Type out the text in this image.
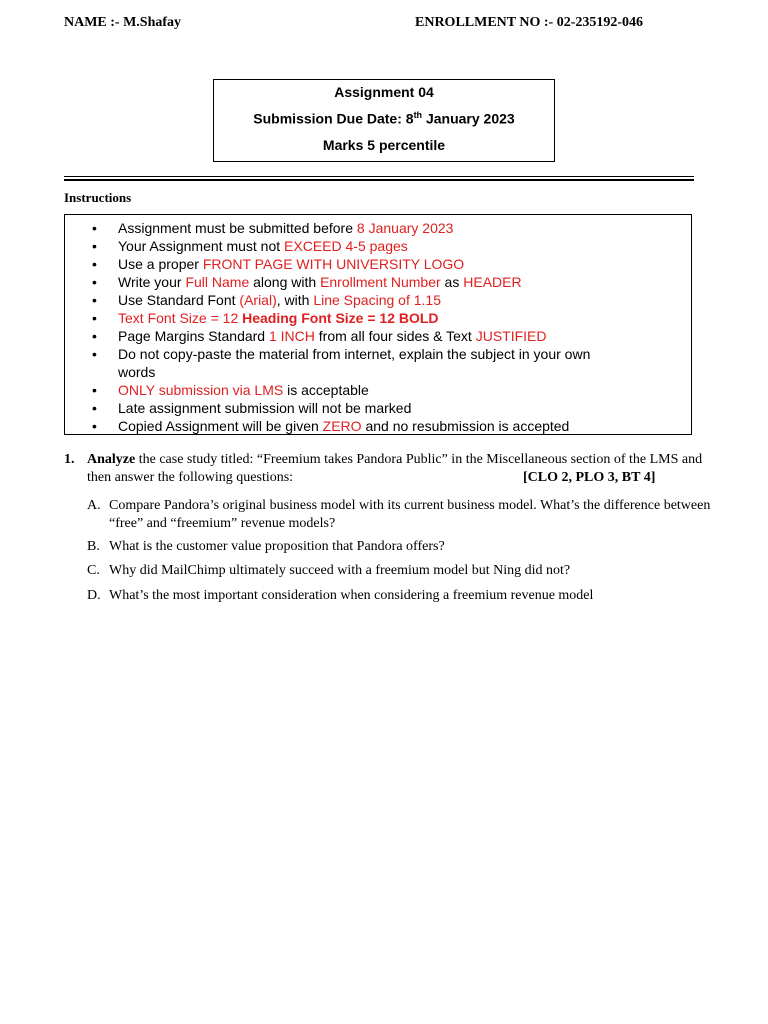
NAME :- M.Shafay	ENROLLMENT NO :- 02-235192-046
Assignment 04
Submission Due Date: 8th January 2023
Marks 5 percentile
Instructions
• Assignment must be submitted before 8 January 2023
• Your Assignment must not EXCEED 4-5 pages
• Use a proper FRONT PAGE WITH UNIVERSITY LOGO
• Write your Full Name along with Enrollment Number as HEADER
• Use Standard Font (Arial), with Line Spacing of 1.15
• Text Font Size = 12 Heading Font Size = 12 BOLD
• Page Margins Standard 1 INCH from all four sides & Text JUSTIFIED
• Do not copy-paste the material from internet, explain the subject in your own words
• ONLY submission via LMS is acceptable
• Late assignment submission will not be marked
• Copied Assignment will be given ZERO and no resubmission is accepted
1. Analyze the case study titled: “Freemium takes Pandora Public” in the Miscellaneous section of the LMS and then answer the following questions:	[CLO 2, PLO 3, BT 4]
A. Compare Pandora’s original business model with its current business model. What’s the difference between “free” and “freemium” revenue models?
B. What is the customer value proposition that Pandora offers?
C. Why did MailChimp ultimately succeed with a freemium model but Ning did not?
D. What’s the most important consideration when considering a freemium revenue model
